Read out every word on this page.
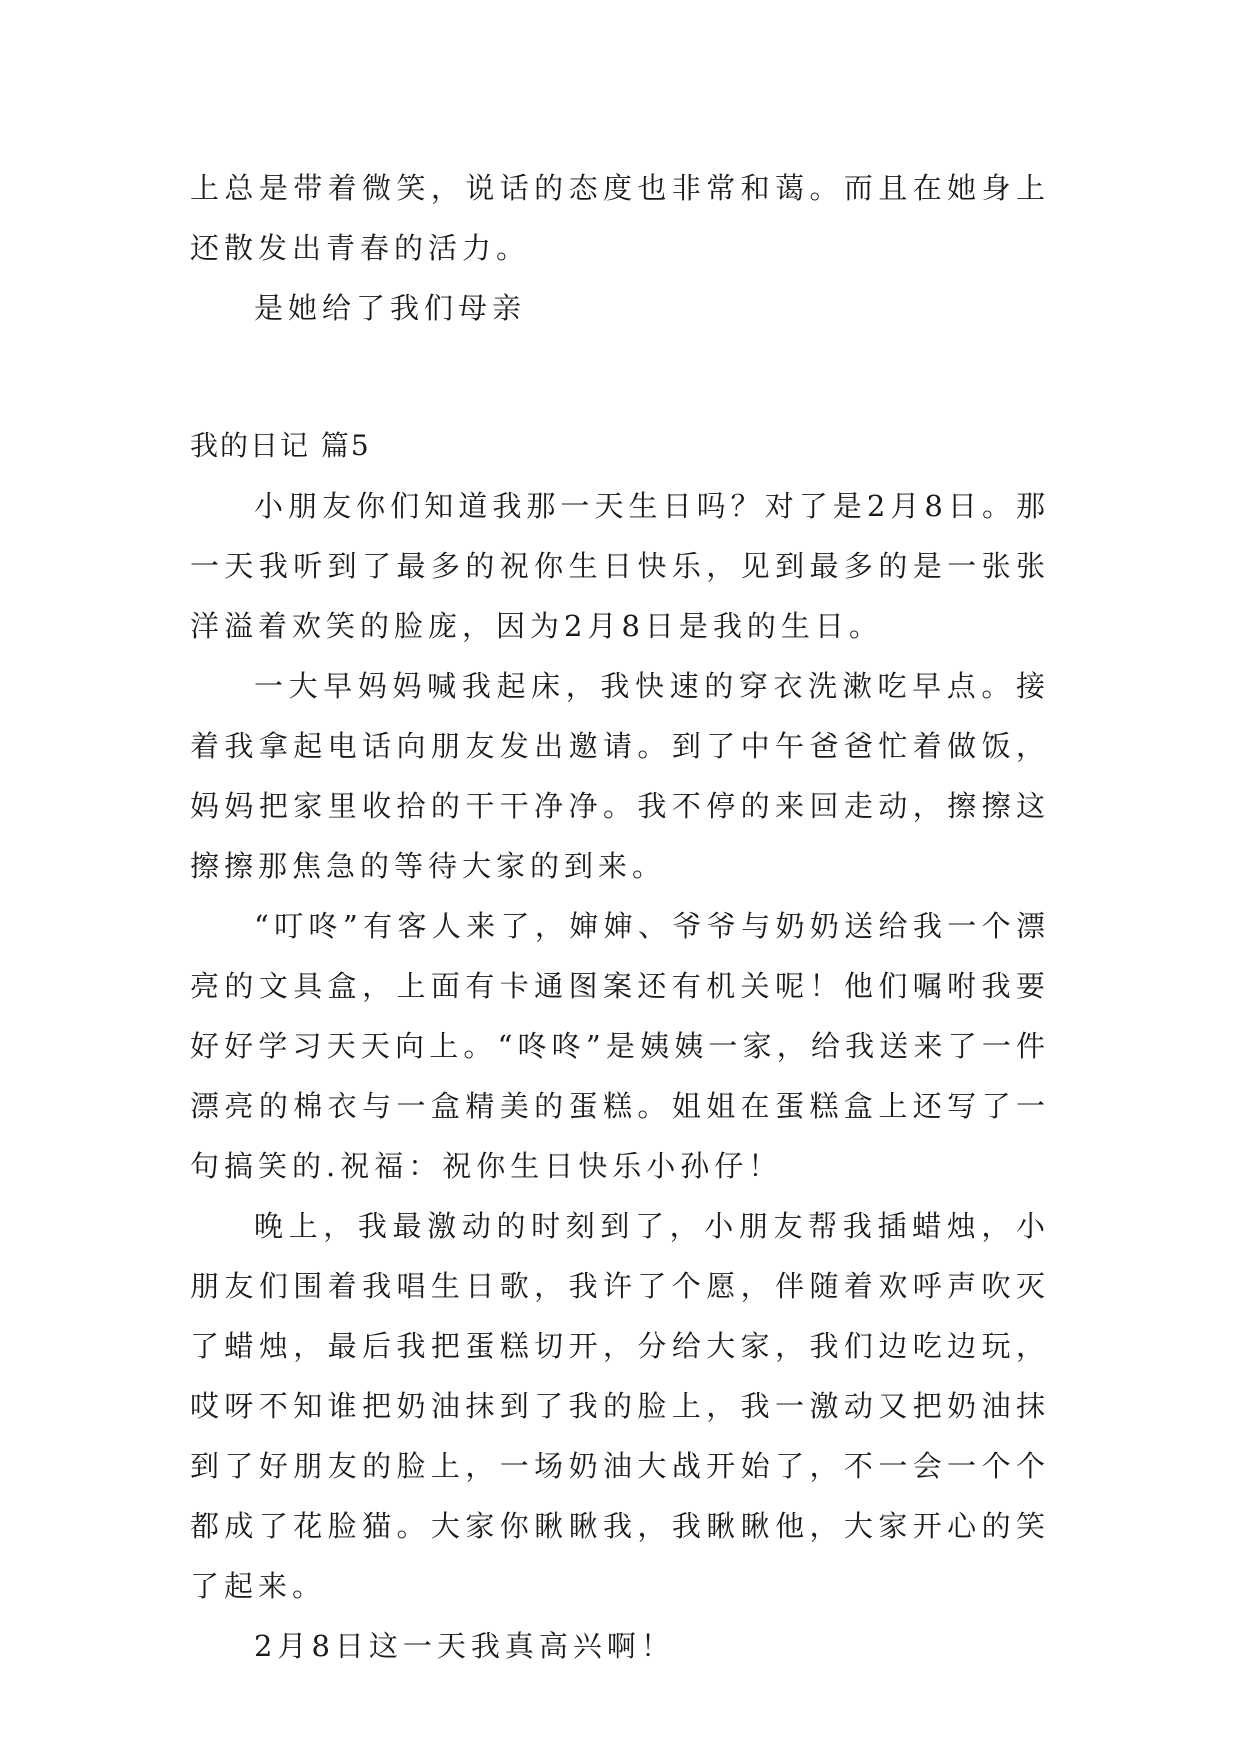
上总是带着微笑，说话的态度也非常和蔼。而且在她身上还散发出青春的活力。

是她给了我们母亲

我的日记 篇5

小朋友你们知道我那一天生日吗？对了是2月8日。那一天我听到了最多的祝你生日快乐，见到最多的是一张张洋溢着欢笑的脸庞，因为2月8日是我的生日。

一大早妈妈喊我起床，我快速的穿衣洗漱吃早点。接着我拿起电话向朋友发出邀请。到了中午爸爸忙着做饭，妈妈把家里收拾的干干净净。我不停的来回走动，擦擦这擦擦那焦急的等待大家的到来。

“叮咚”有客人来了，婶婶、爷爷与奶奶送给我一个漂亮的文具盒，上面有卡通图案还有机关呢！他们嘱咐我要好好学习天天向上。“咚咚”是姨姨一家，给我送来了一件漂亮的棉衣与一盒精美的蛋糕。姐姐在蛋糕盒上还写了一句搞笑的.祝福：祝你生日快乐小孙仔！

晚上，我最激动的时刻到了，小朋友帮我插蜡烛，小朋友们围着我唱生日歌，我许了个愿，伴随着欢呼声吹灭了蜡烛，最后我把蛋糕切开，分给大家，我们边吃边玩，哎呀不知谁把奶油抹到了我的脸上，我一激动又把奶油抹到了好朋友的脸上，一场奶油大战开始了，不一会一个个都成了花脸猫。大家你瞅瞅我，我瞅瞅他，大家开心的笑了起来。

2月8日这一天我真高兴啊！
